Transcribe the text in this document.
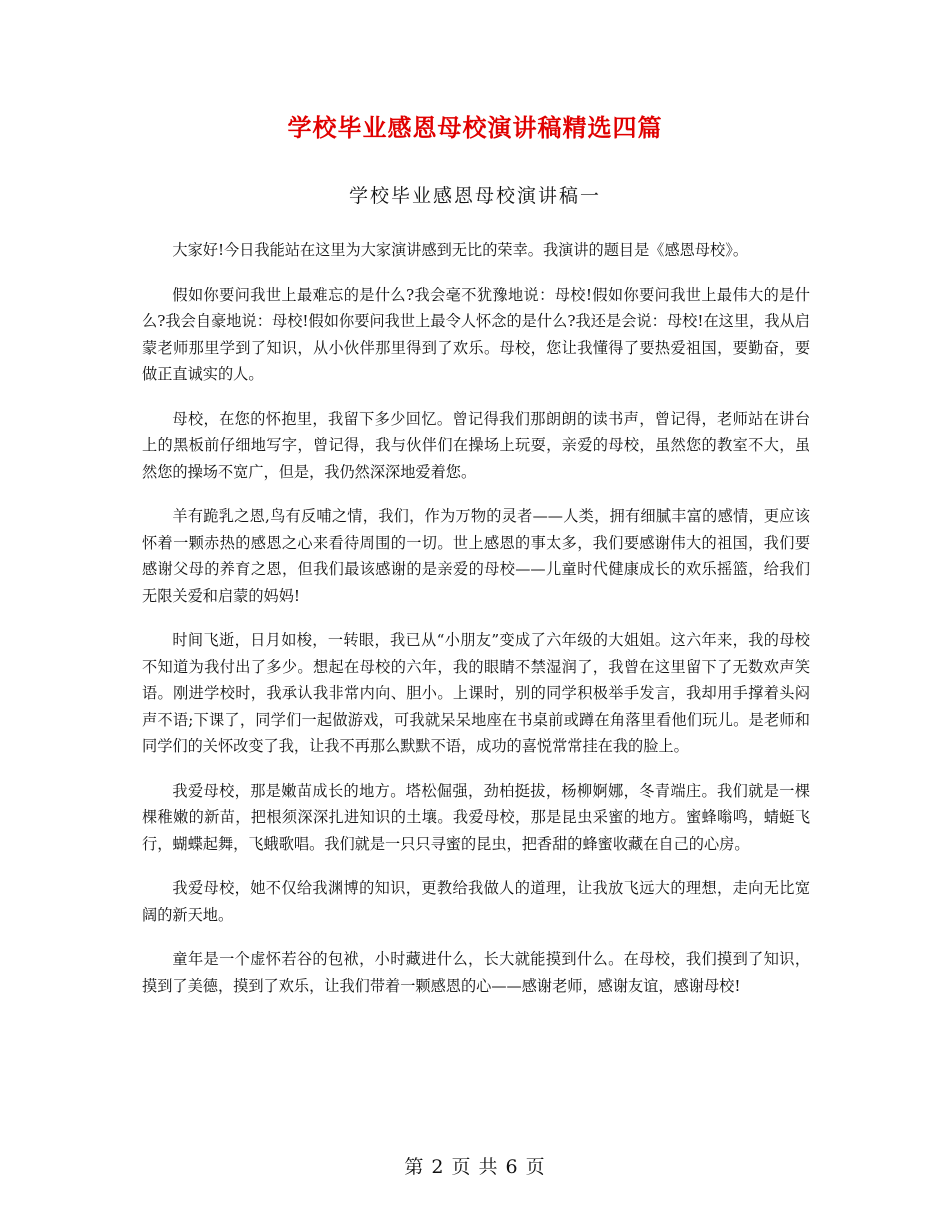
学校毕业感恩母校演讲稿精选四篇
学校毕业感恩母校演讲稿一

大家好!今日我能站在这里为大家演讲感到无比的荣幸。我演讲的题目是《感恩母校》。

假如你要问我世上最难忘的是什么?我会毫不犹豫地说：母校!假如你要问我世上最伟大的是什么?我会自豪地说：母校!假如你要问我世上最令人怀念的是什么?我还是会说：母校!在这里，我从启蒙老师那里学到了知识，从小伙伴那里得到了欢乐。母校，您让我懂得了要热爱祖国，要勤奋，要做正直诚实的人。

母校，在您的怀抱里，我留下多少回忆。曾记得我们那朗朗的读书声，曾记得，老师站在讲台上的黑板前仔细地写字，曾记得，我与伙伴们在操场上玩耍，亲爱的母校，虽然您的教室不大，虽然您的操场不宽广，但是，我仍然深深地爱着您。

羊有跪乳之恩,鸟有反哺之情，我们，作为万物的灵者——人类，拥有细腻丰富的感情，更应该怀着一颗赤热的感恩之心来看待周围的一切。世上感恩的事太多，我们要感谢伟大的祖国，我们要感谢父母的养育之恩，但我们最该感谢的是亲爱的母校——儿童时代健康成长的欢乐摇篮，给我们无限关爱和启蒙的妈妈!

时间飞逝，日月如梭，一转眼，我已从“小朋友”变成了六年级的大姐姐。这六年来，我的母校不知道为我付出了多少。想起在母校的六年，我的眼睛不禁湿润了，我曾在这里留下了无数欢声笑语。刚进学校时，我承认我非常内向、胆小。上课时，别的同学积极举手发言，我却用手撑着头闷声不语;下课了，同学们一起做游戏，可我就呆呆地座在书桌前或蹲在角落里看他们玩儿。是老师和同学们的关怀改变了我，让我不再那么默默不语，成功的喜悦常常挂在我的脸上。

我爱母校，那是嫩苗成长的地方。塔松倔强，劲柏挺拔，杨柳婀娜，冬青端庄。我们就是一棵棵稚嫩的新苗，把根须深深扎进知识的土壤。我爱母校，那是昆虫采蜜的地方。蜜蜂嗡鸣，蜻蜓飞行，蝴蝶起舞，飞蛾歌唱。我们就是一只只寻蜜的昆虫，把香甜的蜂蜜收藏在自己的心房。

我爱母校，她不仅给我渊博的知识，更教给我做人的道理，让我放飞远大的理想，走向无比宽阔的新天地。

童年是一个虚怀若谷的包袱，小时藏进什么，长大就能摸到什么。在母校，我们摸到了知识，摸到了美德，摸到了欢乐，让我们带着一颗感恩的心——感谢老师，感谢友谊，感谢母校!

第 2 页 共 6 页
